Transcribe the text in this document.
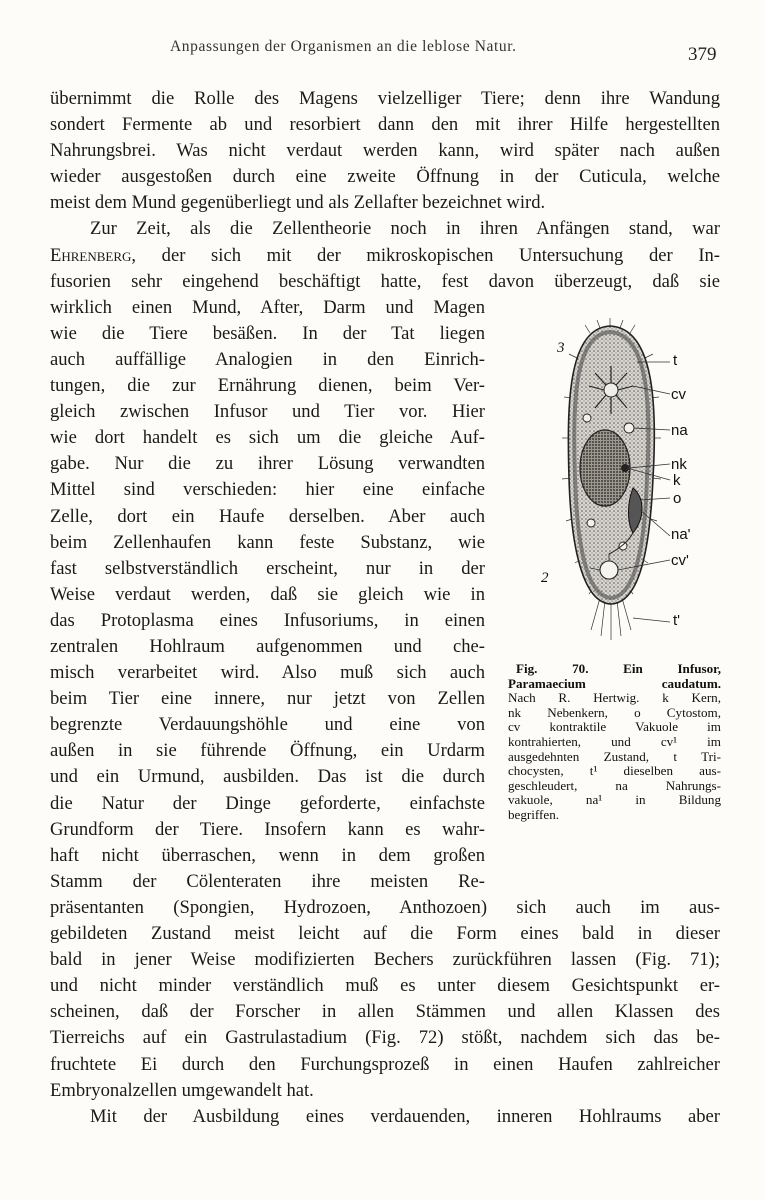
Anpassungen der Organismen an die leblose Natur.	379
übernimmt die Rolle des Magens vielzelliger Tiere; denn ihre Wandung
sondert Fermente ab und resorbiert dann den mit ihrer Hilfe hergestellten
Nahrungsbrei. Was nicht verdaut werden kann, wird später nach außen
wieder ausgestoßen durch eine zweite Öffnung in der Cuticula, welche
meist dem Mund gegenüberliegt und als Zellafter bezeichnet wird.
Zur Zeit, als die Zellentheorie noch in ihren Anfängen stand, war
Ehrenberg, der sich mit der mikroskopischen Untersuchung der In-
fusorien sehr eingehend beschäftigt hatte, fest davon überzeugt, daß sie
wirklich einen Mund, After, Darm und Magen
wie die Tiere besäßen. In der Tat liegen
auch auffällige Analogien in den Einrich-
tungen, die zur Ernährung dienen, beim Ver-
gleich zwischen Infusor und Tier vor. Hier
wie dort handelt es sich um die gleiche Auf-
gabe. Nur die zu ihrer Lösung verwandten
Mittel sind verschieden: hier eine einfache
Zelle, dort ein Haufe derselben. Aber auch
beim Zellenhaufen kann feste Substanz, wie
fast selbstverständlich erscheint, nur in der
Weise verdaut werden, daß sie gleich wie in
das Protoplasma eines Infusoriums, in einen
zentralen Hohlraum aufgenommen und che-
misch verarbeitet wird. Also muß sich auch
beim Tier eine innere, nur jetzt von Zellen
begrenzte Verdauungshöhle und eine von
außen in sie führende Öffnung, ein Urdarm
und ein Urmund, ausbilden. Das ist die durch
die Natur der Dinge geforderte, einfachste
Grundform der Tiere. Insofern kann es wahr-
haft nicht überraschen, wenn in dem großen
Stamm der Cölenteraten ihre meisten Re-
präsentanten (Spongien, Hydrozoen, Anthozoen) sich auch im aus-
gebildeten Zustand meist leicht auf die Form eines bald in dieser
bald in jener Weise modifizierten Bechers zurückführen lassen (Fig. 71);
und nicht minder verständlich muß es unter diesem Gesichtspunkt er-
scheinen, daß der Forscher in allen Stämmen und allen Klassen des
Tierreichs auf ein Gastrulastadium (Fig. 72) stößt, nachdem sich das be-
fruchtete Ei durch den Furchungsprozeß in einen Haufen zahlreicher
Embryonalzellen umgewandelt hat.
Mit der Ausbildung eines verdauenden, inneren Hohlraums aber
3
2
t
cv
na
nk
k
o
na'
cv'
t'
Fig. 70. Ein Infusor,
Paramaecium caudatum.
Nach R. Hertwig. k Kern,
nk Nebenkern, o Cytostom,
cv kontraktile Vakuole im
kontrahierten, und cv¹ im
ausgedehnten Zustand, t Tri-
chocysten, t¹ dieselben aus-
geschleudert, na Nahrungs-
vakuole, na¹ in Bildung
begriffen.
